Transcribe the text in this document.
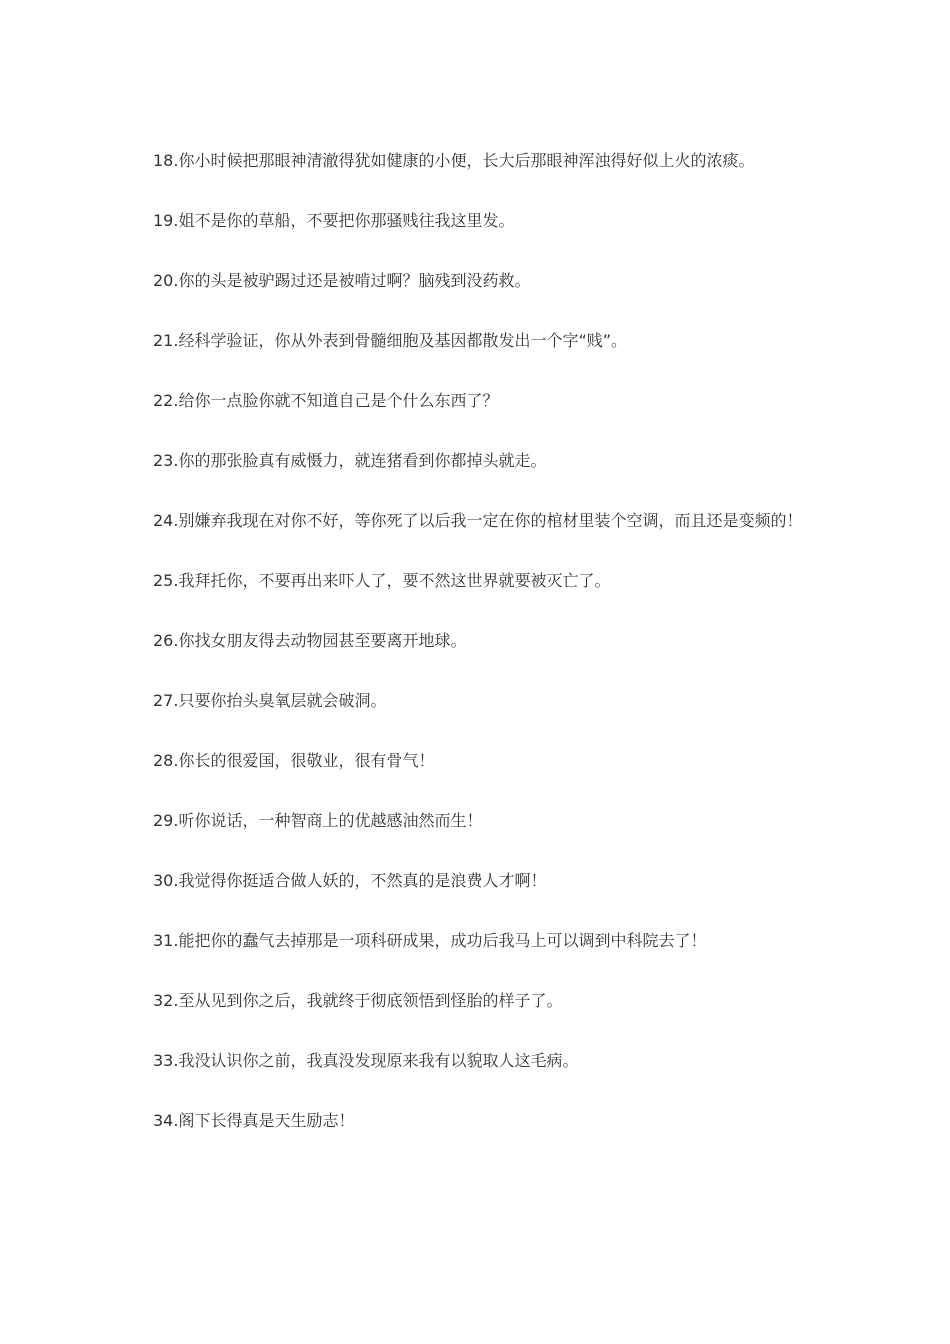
18.你小时候把那眼神清澈得犹如健康的小便，长大后那眼神浑浊得好似上火的浓痰。

19.姐不是你的草船，不要把你那骚贱往我这里发。

20.你的头是被驴踢过还是被啃过啊？脑残到没药救。

21.经科学验证，你从外表到骨髓细胞及基因都散发出一个字“贱”。

22.给你一点脸你就不知道自己是个什么东西了？

23.你的那张脸真有威慑力，就连猪看到你都掉头就走。

24.别嫌弃我现在对你不好，等你死了以后我一定在你的棺材里装个空调，而且还是变频的！

25.我拜托你，不要再出来吓人了，要不然这世界就要被灭亡了。

26.你找女朋友得去动物园甚至要离开地球。

27.只要你抬头臭氧层就会破洞。

28.你长的很爱国，很敬业，很有骨气！

29.听你说话，一种智商上的优越感油然而生！

30.我觉得你挺适合做人妖的，不然真的是浪费人才啊！

31.能把你的蠢气去掉那是一项科研成果，成功后我马上可以调到中科院去了！

32.至从见到你之后，我就终于彻底领悟到怪胎的样子了。

33.我没认识你之前，我真没发现原来我有以貌取人这毛病。

34.阁下长得真是天生励志！
